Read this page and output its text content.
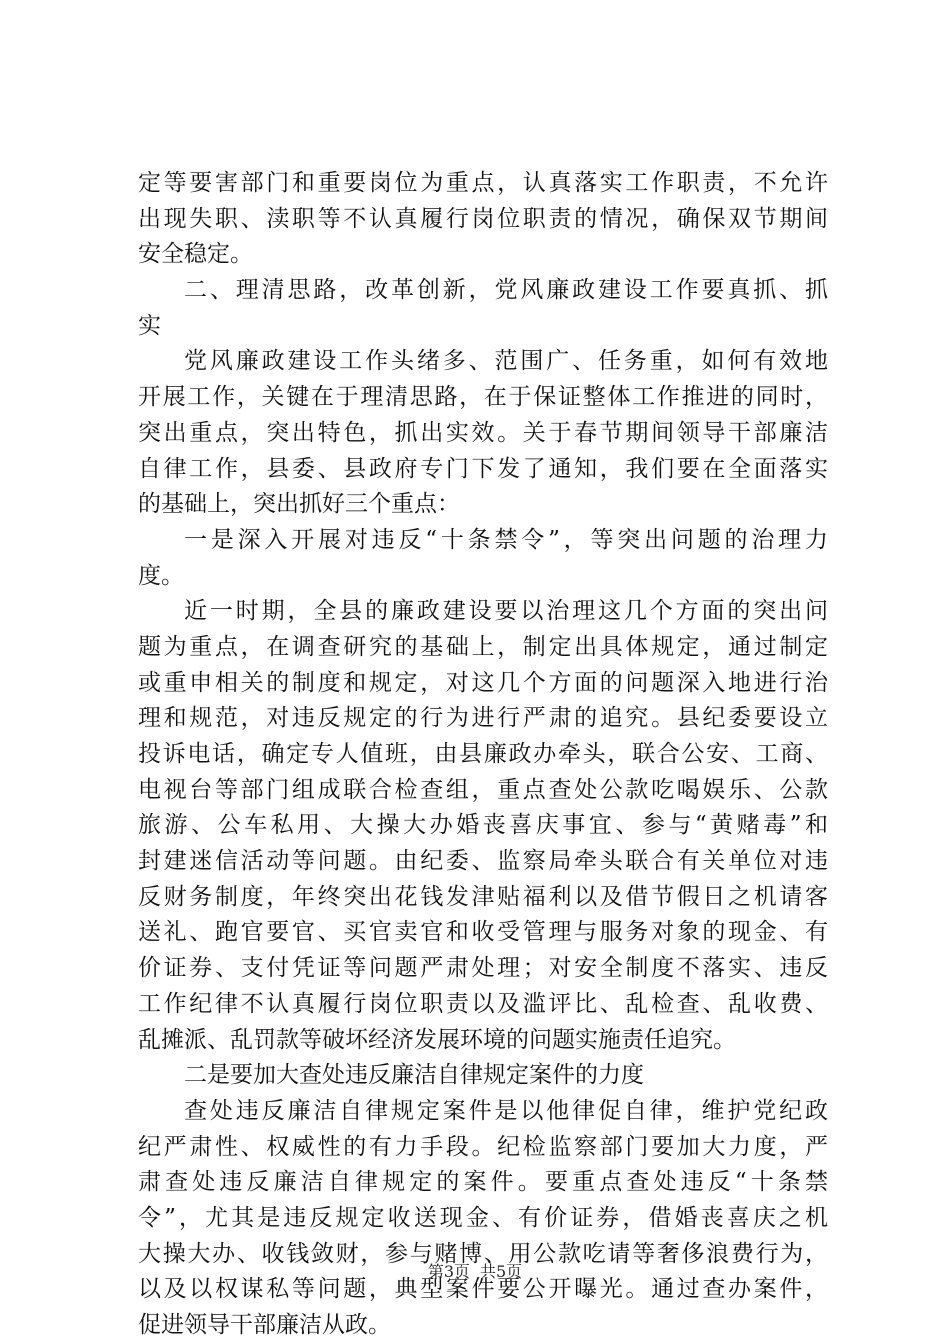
定等要害部门和重要岗位为重点，认真落实工作职责，不允许
出现失职、渎职等不认真履行岗位职责的情况，确保双节期间
安全稳定。
二、理清思路，改革创新，党风廉政建设工作要真抓、抓
实
党风廉政建设工作头绪多、范围广、任务重，如何有效地
开展工作，关键在于理清思路，在于保证整体工作推进的同时，
突出重点，突出特色，抓出实效。关于春节期间领导干部廉洁
自律工作，县委、县政府专门下发了通知，我们要在全面落实
的基础上，突出抓好三个重点：
一是深入开展对违反“十条禁令”，等突出问题的治理力
度。
近一时期，全县的廉政建设要以治理这几个方面的突出问
题为重点，在调查研究的基础上，制定出具体规定，通过制定
或重申相关的制度和规定，对这几个方面的问题深入地进行治
理和规范，对违反规定的行为进行严肃的追究。县纪委要设立
投诉电话，确定专人值班，由县廉政办牵头，联合公安、工商、
电视台等部门组成联合检查组，重点查处公款吃喝娱乐、公款
旅游、公车私用、大操大办婚丧喜庆事宜、参与“黄赌毒”和
封建迷信活动等问题。由纪委、监察局牵头联合有关单位对违
反财务制度，年终突出花钱发津贴福利以及借节假日之机请客
送礼、跑官要官、买官卖官和收受管理与服务对象的现金、有
价证券、支付凭证等问题严肃处理；对安全制度不落实、违反
工作纪律不认真履行岗位职责以及滥评比、乱检查、乱收费、
乱摊派、乱罚款等破坏经济发展环境的问题实施责任追究。
二是要加大查处违反廉洁自律规定案件的力度
查处违反廉洁自律规定案件是以他律促自律，维护党纪政
纪严肃性、权威性的有力手段。纪检监察部门要加大力度，严
肃查处违反廉洁自律规定的案件。要重点查处违反“十条禁
令”，尤其是违反规定收送现金、有价证券，借婚丧喜庆之机
大操大办、收钱敛财，参与赌博、用公款吃请等奢侈浪费行为，
以及以权谋私等问题，典型案件要公开曝光。通过查办案件，
促进领导干部廉洁从政。
第3页 共5页
